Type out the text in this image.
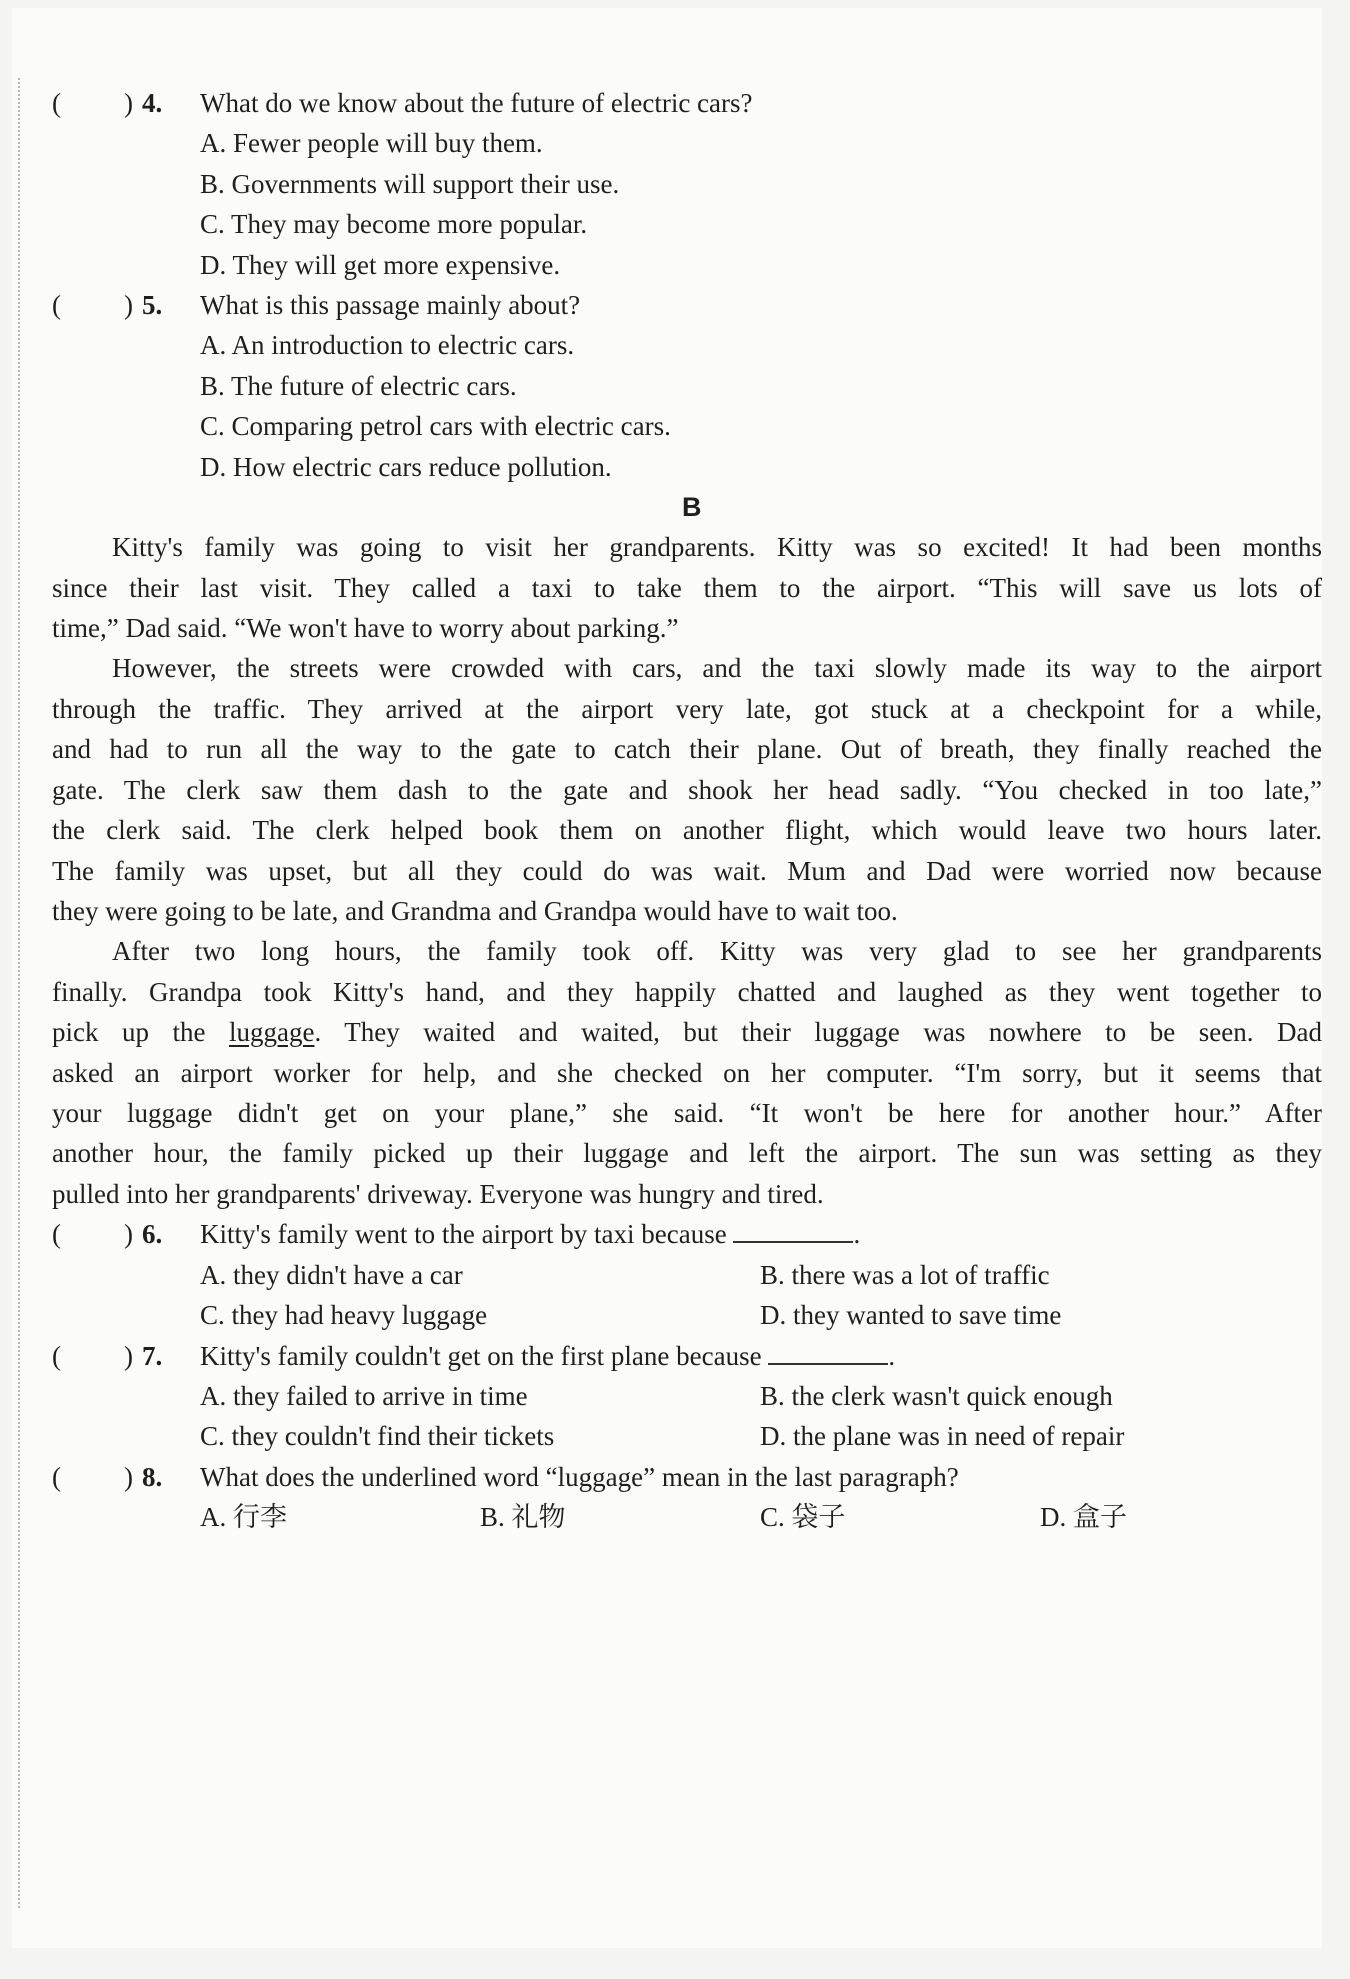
( ) 4. What do we know about the future of electric cars?
A. Fewer people will buy them.
B. Governments will support their use.
C. They may become more popular.
D. They will get more expensive.
( ) 5. What is this passage mainly about?
A. An introduction to electric cars.
B. The future of electric cars.
C. Comparing petrol cars with electric cars.
D. How electric cars reduce pollution.
B
Kitty's family was going to visit her grandparents. Kitty was so excited! It had been months
since their last visit. They called a taxi to take them to the airport. “This will save us lots of
time,” Dad said. “We won't have to worry about parking.”
However, the streets were crowded with cars, and the taxi slowly made its way to the airport
through the traffic. They arrived at the airport very late, got stuck at a checkpoint for a while,
and had to run all the way to the gate to catch their plane. Out of breath, they finally reached the
gate. The clerk saw them dash to the gate and shook her head sadly. “You checked in too late,”
the clerk said. The clerk helped book them on another flight, which would leave two hours later.
The family was upset, but all they could do was wait. Mum and Dad were worried now because
they were going to be late, and Grandma and Grandpa would have to wait too.
After two long hours, the family took off. Kitty was very glad to see her grandparents
finally. Grandpa took Kitty's hand, and they happily chatted and laughed as they went together to
pick up the luggage. They waited and waited, but their luggage was nowhere to be seen. Dad
asked an airport worker for help, and she checked on her computer. “I'm sorry, but it seems that
your luggage didn't get on your plane,” she said. “It won't be here for another hour.” After
another hour, the family picked up their luggage and left the airport. The sun was setting as they
pulled into her grandparents' driveway. Everyone was hungry and tired.
( ) 6. Kitty's family went to the airport by taxi because	.
A. they didn't have a car	B. there was a lot of traffic
C. they had heavy luggage	D. they wanted to save time
( ) 7. Kitty's family couldn't get on the first plane because	.
A. they failed to arrive in time	B. the clerk wasn't quick enough
C. they couldn't find their tickets	D. the plane was in need of repair
( ) 8. What does the underlined word “luggage” mean in the last paragraph?
A. 行李	B. 礼物	C. 袋子	D. 盒子
